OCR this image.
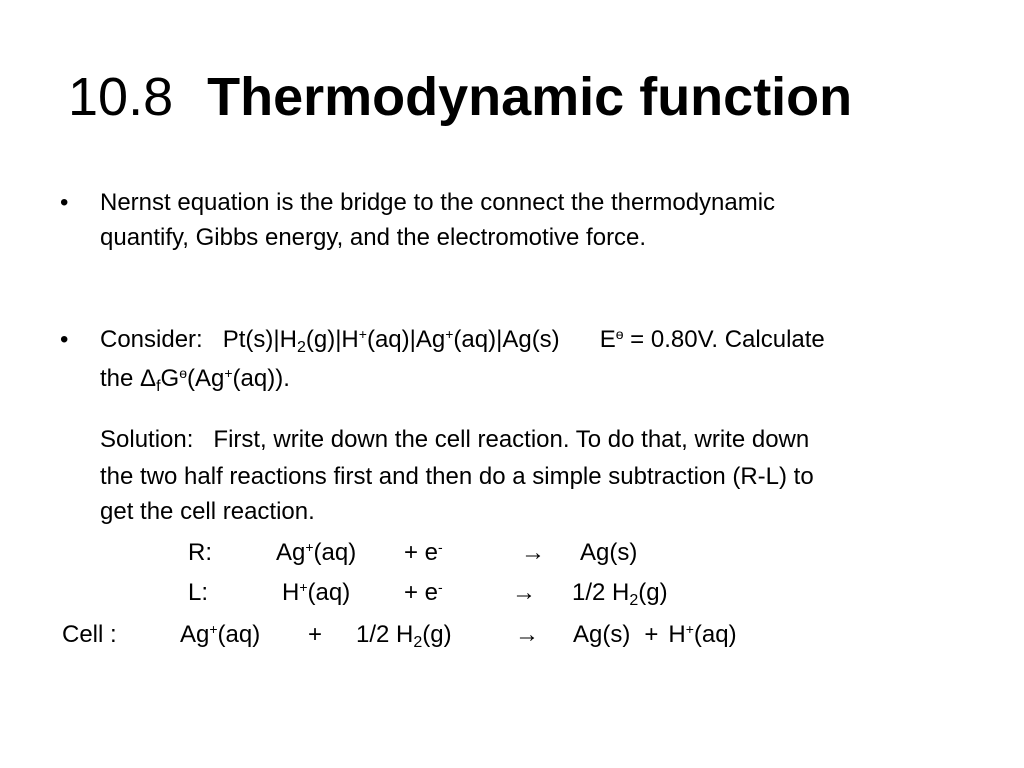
10.8 Thermodynamic function
• Nernst equation is the bridge to the connect the thermodynamic
quantify, Gibbs energy, and the electromotive force.
• Consider: $Pt(s)|H_2(g)|H^+(aq)|Ag^+(aq)|Ag(s) E^ө = 0.80V$. Calculate
the $\Delta_fG^ө(Ag^+(aq))$.
Solution: First, write down the cell reaction. To do that, write down
the two half reactions first and then do a simple subtraction (R-L) to
get the cell reaction.
R:	Ag+(aq) + e-	→ Ag(s)
L:	H+(aq) + e-	→ 1/2 $H_2(g)$
Cell :	Ag+(aq) + 1/2 $H_2(g)$	→ Ag(s) + H+(aq)
